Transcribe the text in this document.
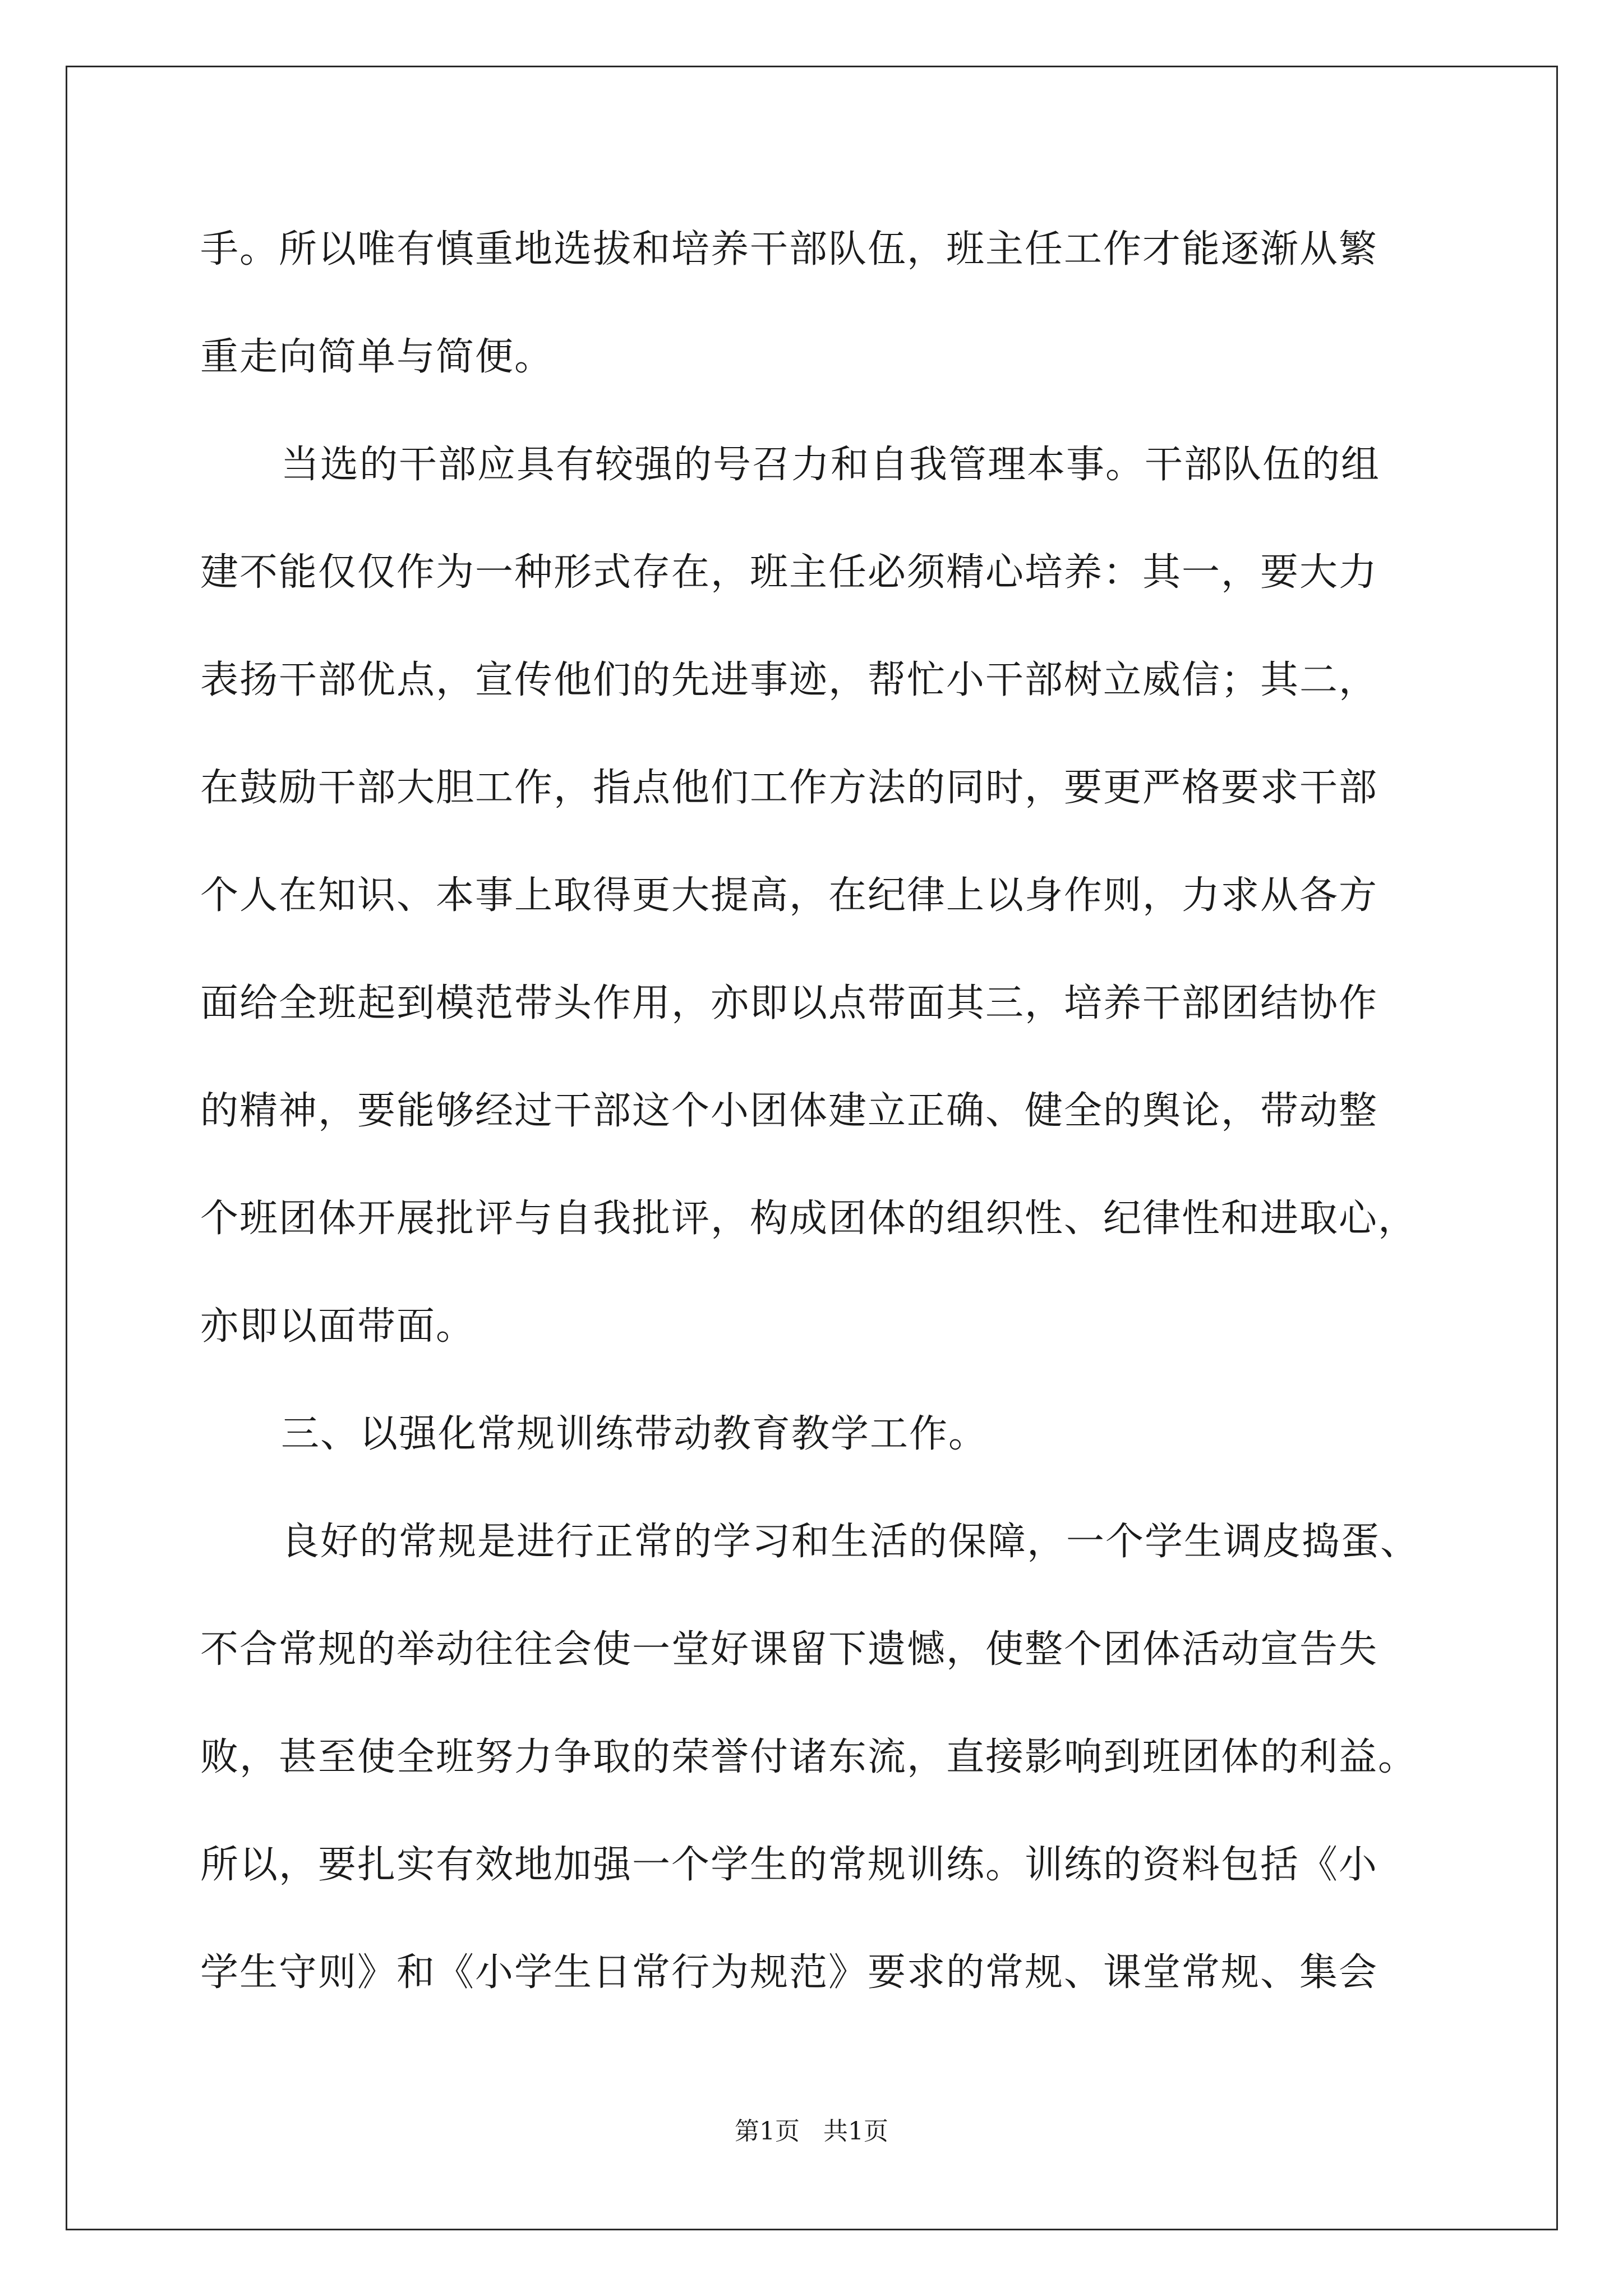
手。所以唯有慎重地选拔和培养干部队伍，班主任工作才能逐渐从繁
重走向简单与简便。
当选的干部应具有较强的号召力和自我管理本事。干部队伍的组
建不能仅仅作为一种形式存在，班主任必须精心培养：其一，要大力
表扬干部优点，宣传他们的先进事迹，帮忙小干部树立威信；其二，
在鼓励干部大胆工作，指点他们工作方法的同时，要更严格要求干部
个人在知识、本事上取得更大提高，在纪律上以身作则，力求从各方
面给全班起到模范带头作用，亦即以点带面其三，培养干部团结协作
的精神，要能够经过干部这个小团体建立正确、健全的舆论，带动整
个班团体开展批评与自我批评，构成团体的组织性、纪律性和进取心，
亦即以面带面。
三、以强化常规训练带动教育教学工作。
良好的常规是进行正常的学习和生活的保障，一个学生调皮捣蛋、
不合常规的举动往往会使一堂好课留下遗憾，使整个团体活动宣告失
败，甚至使全班努力争取的荣誉付诸东流，直接影响到班团体的利益。
所以，要扎实有效地加强一个学生的常规训练。训练的资料包括《小
学生守则》和《小学生日常行为规范》要求的常规、课堂常规、集会
第1页   共1页
